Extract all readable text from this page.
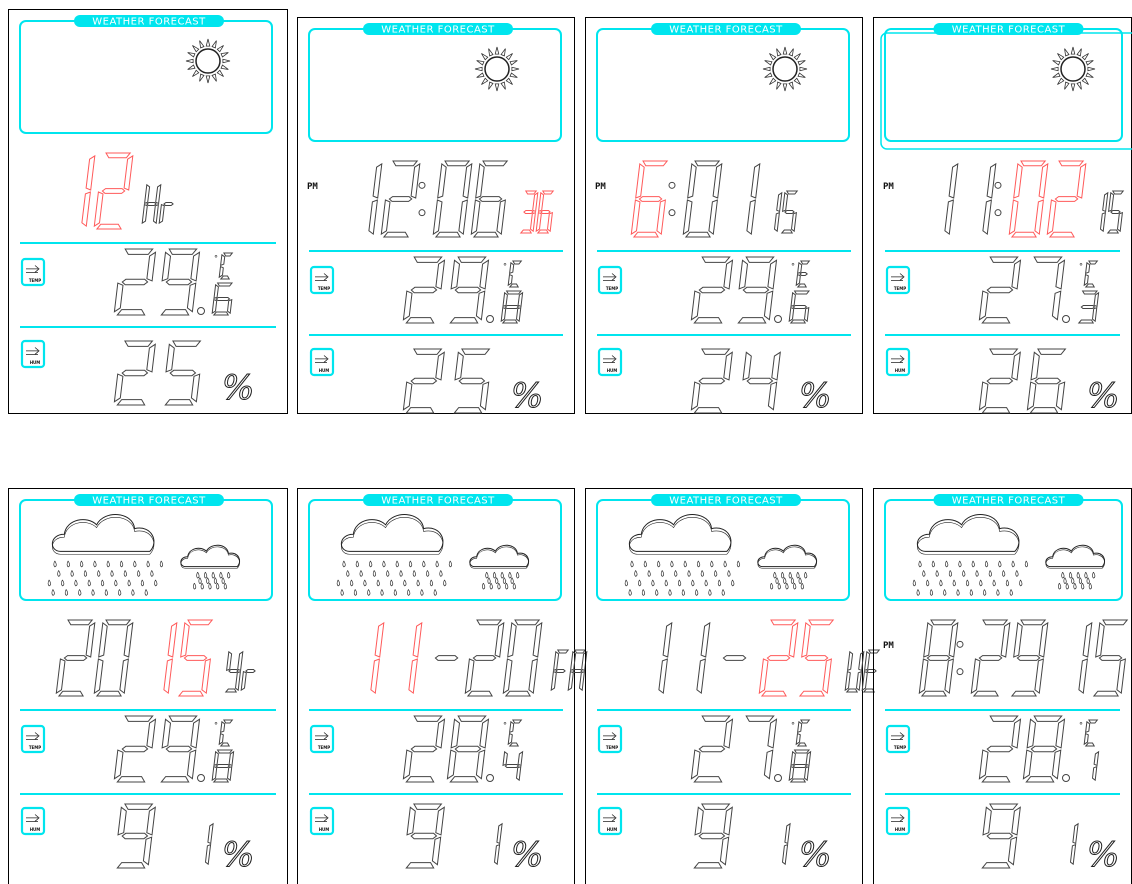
WEATHER FORECAST
TEMP
°
HUM
%
WEATHER FORECAST
PM
TEMP
°
HUM
%
WEATHER FORECAST
PM
TEMP
°
HUM
%
WEATHER FORECAST
PM
TEMP
°
HUM
%
WEATHER FORECAST
TEMP
°
HUM
%
WEATHER FORECAST
TEMP
°
HUM
%
WEATHER FORECAST
TEMP
°
HUM
%
WEATHER FORECAST
PM
TEMP
°
HUM
%
